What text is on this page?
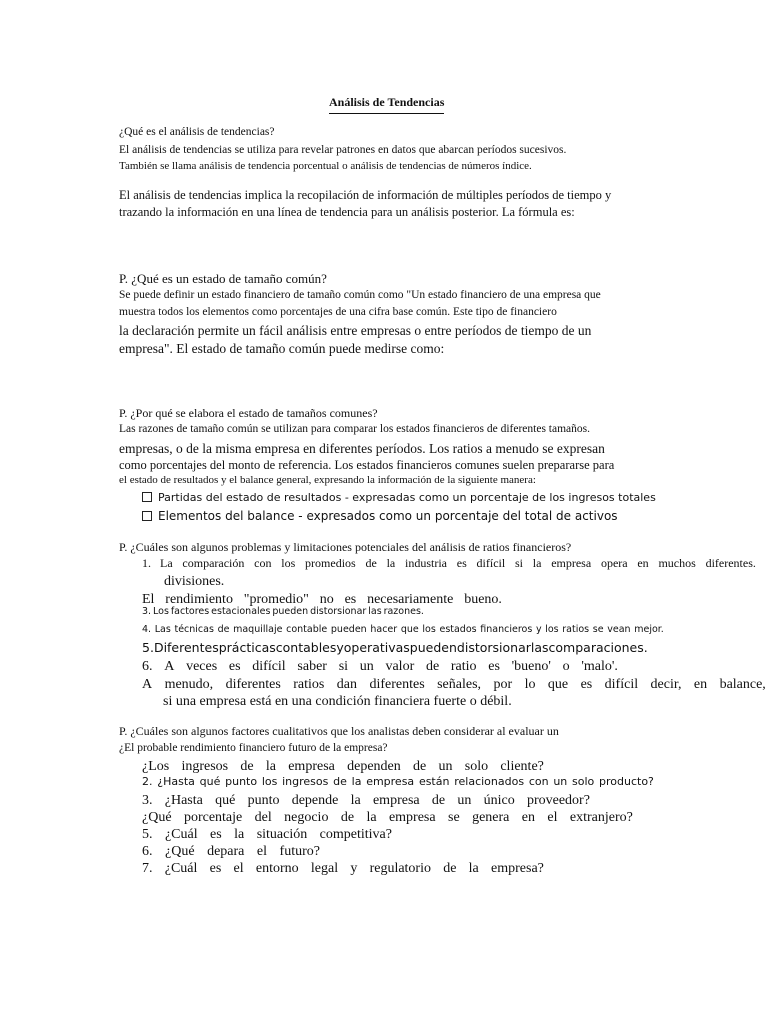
Análisis de Tendencias
¿Qué es el análisis de tendencias?
El análisis de tendencias se utiliza para revelar patrones en datos que abarcan períodos sucesivos.
También se llama análisis de tendencia porcentual o análisis de tendencias de números índice.
El análisis de tendencias implica la recopilación de información de múltiples períodos de tiempo y
trazando la información en una línea de tendencia para un análisis posterior. La fórmula es:
P. ¿Qué es un estado de tamaño común?
Se puede definir un estado financiero de tamaño común como "Un estado financiero de una empresa que
muestra todos los elementos como porcentajes de una cifra base común. Este tipo de financiero
la declaración permite un fácil análisis entre empresas o entre períodos de tiempo de un
empresa". El estado de tamaño común puede medirse como:
P. ¿Por qué se elabora el estado de tamaños comunes?
Las razones de tamaño común se utilizan para comparar los estados financieros de diferentes tamaños.
empresas, o de la misma empresa en diferentes períodos. Los ratios a menudo se expresan
como porcentajes del monto de referencia. Los estados financieros comunes suelen prepararse para
el estado de resultados y el balance general, expresando la información de la siguiente manera:
Partidas del estado de resultados - expresadas como un porcentaje de los ingresos totales
Elementos del balance - expresados como un porcentaje del total de activos
P. ¿Cuáles son algunos problemas y limitaciones potenciales del análisis de ratios financieros?
1. La comparación con los promedios de la industria es difícil si la empresa opera en muchos diferentes.
divisiones.
El rendimiento "promedio" no es necesariamente bueno.
3. Los factores estacionales pueden distorsionar las razones.
4. Las técnicas de maquillaje contable pueden hacer que los estados financieros y los ratios se vean mejor.
5. Diferentes prácticas contables y operativas pueden distorsionar las comparaciones.
6. A veces es difícil saber si un valor de ratio es 'bueno' o 'malo'.
A menudo, diferentes ratios dan diferentes señales, por lo que es difícil decir, en balance,
si una empresa está en una condición financiera fuerte o débil.
P. ¿Cuáles son algunos factores cualitativos que los analistas deben considerar al evaluar un
¿El probable rendimiento financiero futuro de la empresa?
¿Los ingresos de la empresa dependen de un solo cliente?
2. ¿Hasta qué punto los ingresos de la empresa están relacionados con un solo producto?
3. ¿Hasta qué punto depende la empresa de un único proveedor?
¿Qué porcentaje del negocio de la empresa se genera en el extranjero?
5. ¿Cuál es la situación competitiva?
6. ¿Qué depara el futuro?
7. ¿Cuál es el entorno legal y regulatorio de la empresa?
